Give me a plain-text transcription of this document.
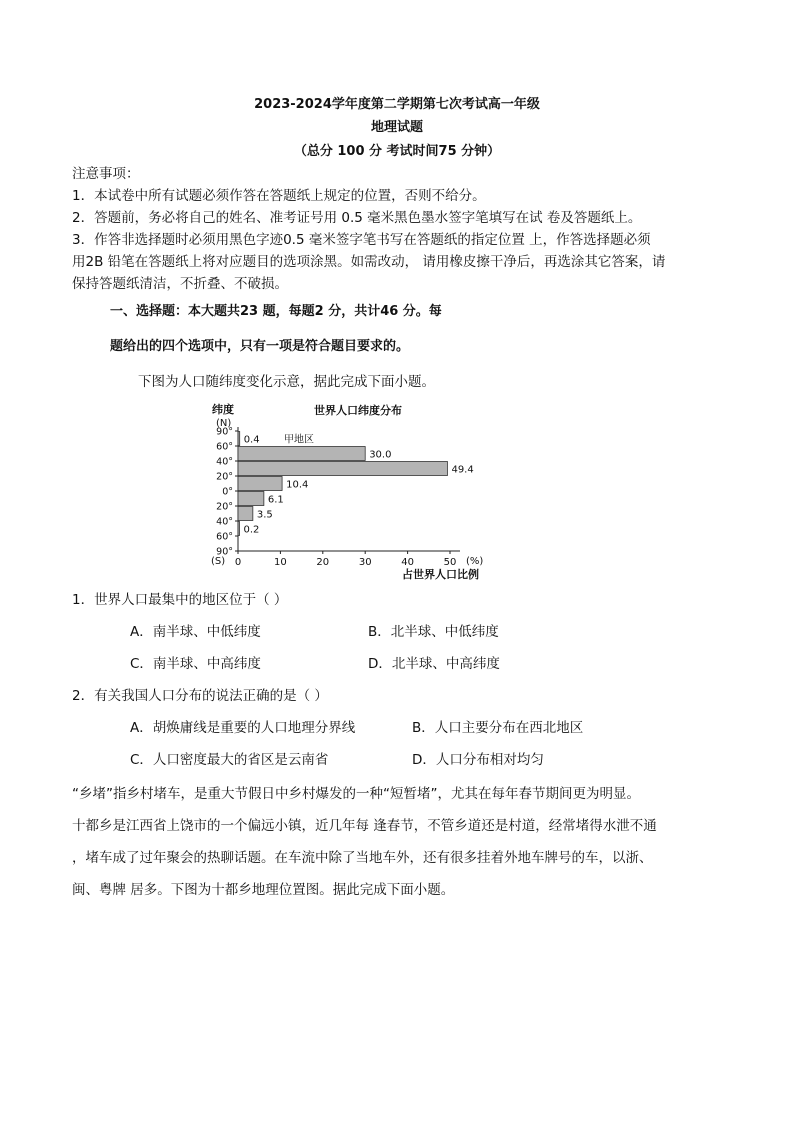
2023-2024学年度第二学期第七次考试高一年级
地理试题
（总分 100 分 考试时间75 分钟）
注意事项：
1．本试卷中所有试题必须作答在答题纸上规定的位置，否则不给分。
2．答题前，务必将自己的姓名、准考证号用 0.5 毫米黑色墨水签字笔填写在试 卷及答题纸上。
3．作答非选择题时必须用黑色字迹0.5 毫米签字笔书写在答题纸的指定位置 上，作答选择题必须
用2B 铅笔在答题纸上将对应题目的选项涂黑。如需改动， 请用橡皮擦干净后，再选涂其它答案，请
保持答题纸清洁，不折叠、不破损。
一、选择题：本大题共23 题，每题2 分，共计46 分。每
题给出的四个选项中，只有一项是符合题目要求的。
下图为人口随纬度变化示意，据此完成下面小题。
世界人口纬度分布
纬度
(N)
(S)	(%)
占世界人口比例
90°
60°
40°
20°
0°
20°
40°
60°
90°
0	10	20	30	40	50
0.4
30.0
49.4
10.4
6.1
3.5
0.2
甲地区
1．世界人口最集中的地区位于（ ）
A．南半球、中低纬度	B．北半球、中低纬度
C．南半球、中高纬度	D．北半球、中高纬度
2．有关我国人口分布的说法正确的是（ ）
A．胡焕庸线是重要的人口地理分界线	B．人口主要分布在西北地区
C．人口密度最大的省区是云南省	D．人口分布相对均匀
“乡堵”指乡村堵车，是重大节假日中乡村爆发的一种“短暂堵”，尤其在每年春节期间更为明显。
十都乡是江西省上饶市的一个偏远小镇，近几年每 逢春节，不管乡道还是村道，经常堵得水泄不通
，堵车成了过年聚会的热聊话题。在车流中除了当地车外，还有很多挂着外地车牌号的车，以浙、
闽、粤牌 居多。下图为十都乡地理位置图。据此完成下面小题。
